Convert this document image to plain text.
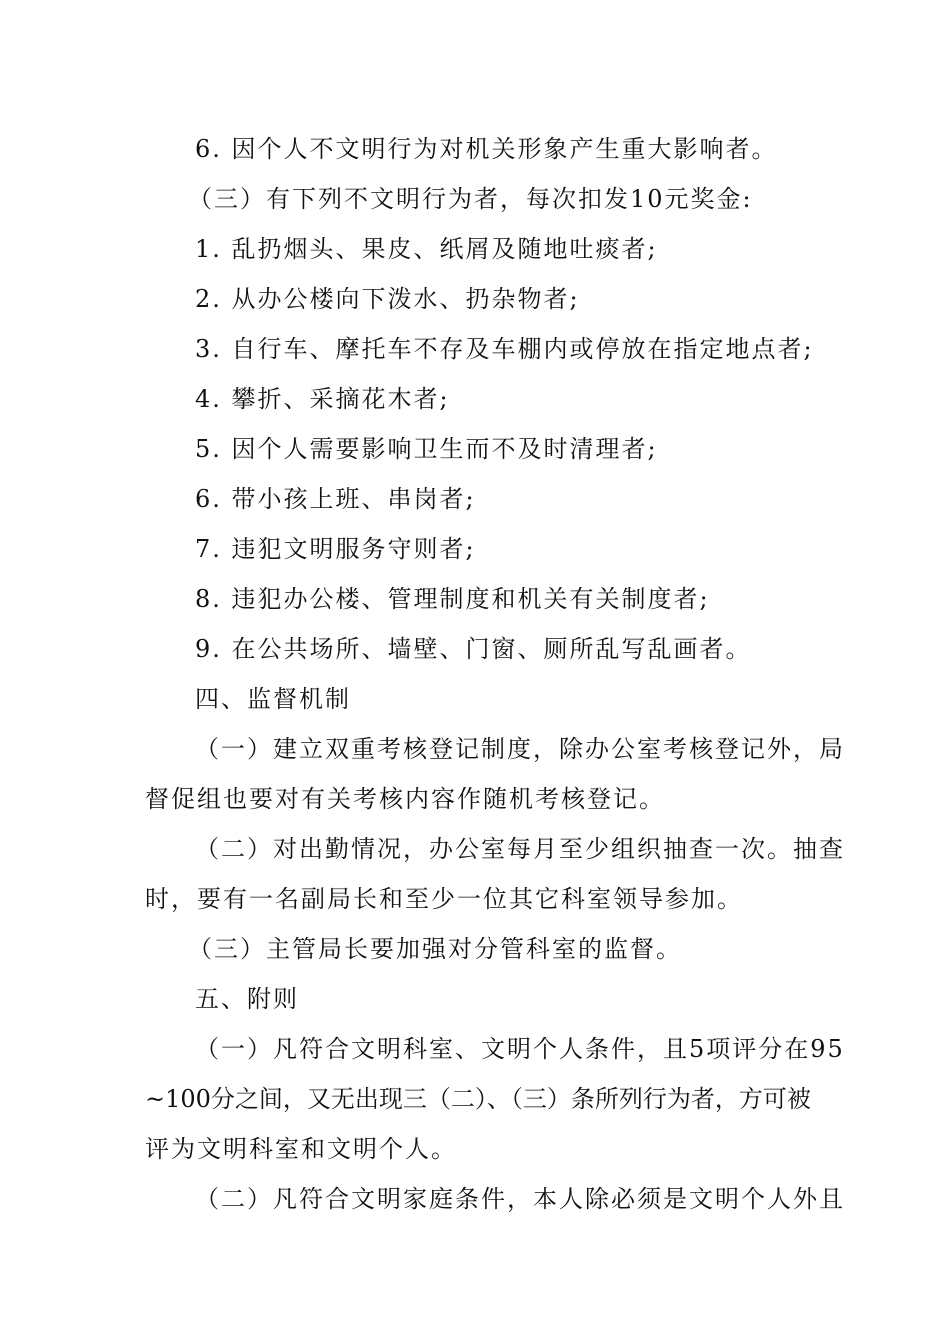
6. 因个人不文明行为对机关形象产生重大影响者。
（三）有下列不文明行为者，每次扣发10元奖金:
1. 乱扔烟头、果皮、纸屑及随地吐痰者;
2. 从办公楼向下泼水、扔杂物者;
3. 自行车、摩托车不存及车棚内或停放在指定地点者;
4. 攀折、采摘花木者;
5. 因个人需要影响卫生而不及时清理者;
6. 带小孩上班、串岗者;
7. 违犯文明服务守则者;
8. 违犯办公楼、管理制度和机关有关制度者;
9. 在公共场所、墙壁、门窗、厕所乱写乱画者。
四、监督机制
（一）建立双重考核登记制度，除办公室考核登记外，局
督促组也要对有关考核内容作随机考核登记。
（二）对出勤情况，办公室每月至少组织抽查一次。抽查
时，要有一名副局长和至少一位其它科室领导参加。
（三）主管局长要加强对分管科室的监督。
五、附则
（一）凡符合文明科室、文明个人条件，且5项评分在95
~100分之间，又无出现三（二）、（三）条所列行为者，方可被
评为文明科室和文明个人。
（二）凡符合文明家庭条件，本人除必须是文明个人外且
